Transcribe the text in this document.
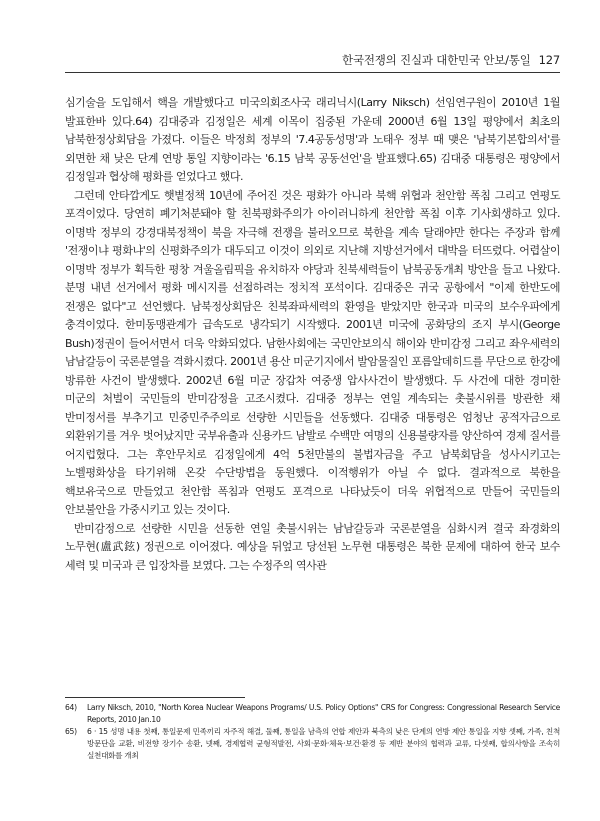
한국전쟁의 진실과 대한민국 안보/통일 127

심기술을 도입해서 핵을 개발했다고 미국의회조사국 래리닉시(Larry Niksch) 선임연구원이 2010년 1월 발표한바 있다.64) 김대중과 김정일은 세계 이목이 집중된 가운데 2000년 6월 13일 평양에서 최초의 남북한정상회담을 가졌다. 이들은 박정희 정부의 '7.4공동성명'과 노태우 정부 때 맺은 '남북기본합의서'를 외면한 채 낮은 단계 연방 통일 지향이라는 '6.15 남북 공동선언'을 발표했다.65) 김대중 대통령은 평양에서 김정일과 협상해 평화를 얻었다고 했다.

그런데 안타깝게도 햇볕정책 10년에 주어진 것은 평화가 아니라 북핵 위협과 천안함 폭침 그리고 연평도 포격이었다. 당연히 폐기처분돼야 할 친북평화주의가 아이러니하게 천안함 폭침 이후 기사회생하고 있다. 이명박 정부의 강경대북정책이 북을 자극해 전쟁을 불러오므로 북한을 계속 달래야만 한다는 주장과 함께 '전쟁이냐 평화냐'의 신평화주의가 대두되고 이것이 의외로 지난해 지방선거에서 대박을 터뜨렸다. 어렵살이 이명박 정부가 획득한 평창 겨울올림픽을 유치하자 야당과 친북세력들이 남북공동개최 방안을 들고 나왔다. 분명 내년 선거에서 평화 메시지를 선점하려는 정치적 포석이다. 김대중은 귀국 공항에서 "이제 한반도에 전쟁은 없다"고 선언했다. 남북정상회담은 친북좌파세력의 환영을 받았지만 한국과 미국의 보수우파에게 충격이었다. 한미동맹관계가 급속도로 냉각되기 시작했다. 2001년 미국에 공화당의 조지 부시(George Bush)정권이 들어서면서 더욱 악화되었다. 남한사회에는 국민안보의식 해이와 반미감정 그리고 좌우세력의 남남갈등이 국론분열을 격화시켰다. 2001년 용산 미군기지에서 발암물질인 포름알데히드를 무단으로 한강에 방류한 사건이 발생했다. 2002년 6월 미군 장갑차 여중생 압사사건이 발생했다. 두 사건에 대한 경미한 미군의 처벌이 국민들의 반미감정을 고조시켰다. 김대중 정부는 연일 계속되는 촛불시위를 방관한 채 반미정서를 부추기고 민중민주주의로 선량한 시민들을 선동했다. 김대중 대통령은 엄청난 공적자금으로 외환위기를 겨우 벗어났지만 국부유출과 신용카드 남발로 수백만 여명의 신용불량자를 양산하여 경제 질서를 어지럽혔다. 그는 후안무치로 김정일에게 4억 5천만불의 불법자금을 주고 남북회담을 성사시키고는 노벨평화상을 타기위해 온갖 수단방법을 동원했다. 이적행위가 아닐 수 없다. 결과적으로 북한을 핵보유국으로 만들었고 천안함 폭침과 연평도 포격으로 나타났듯이 더욱 위협적으로 만들어 국민들의 안보불안을 가중시키고 있는 것이다.

반미감정으로 선량한 시민을 선동한 연일 촛불시위는 남남갈등과 국론분열을 심화시켜 결국 좌경화의 노무현(盧武鉉) 정권으로 이어졌다. 예상을 뒤엎고 당선된 노무현 대통령은 북한 문제에 대하여 한국 보수 세력 및 미국과 큰 입장차를 보였다. 그는 수정주의 역사관

64)	Larry Niksch, 2010, "North Korea Nuclear Weapons Programs/ U.S. Policy Options" CRS for Congress: Congressional Research Service Reports, 2010 Jan.10
65)	6 · 15 성명 내용 첫째, 통일문제 민족끼리 자주적 해결, 둘째, 통일을 남측의 연합 제안과 북측의 낮은 단계의 연방 제안 통일을 지향 셋째, 가족, 친척 방문단을 교환, 비전향 장기수 송환, 넷째, 경제협력 균형적발전, 사회·문화·체육·보건·환경 등 제반 분야의 협력과 교류, 다섯째, 합의사항을 조속히 실천대화를 개최
